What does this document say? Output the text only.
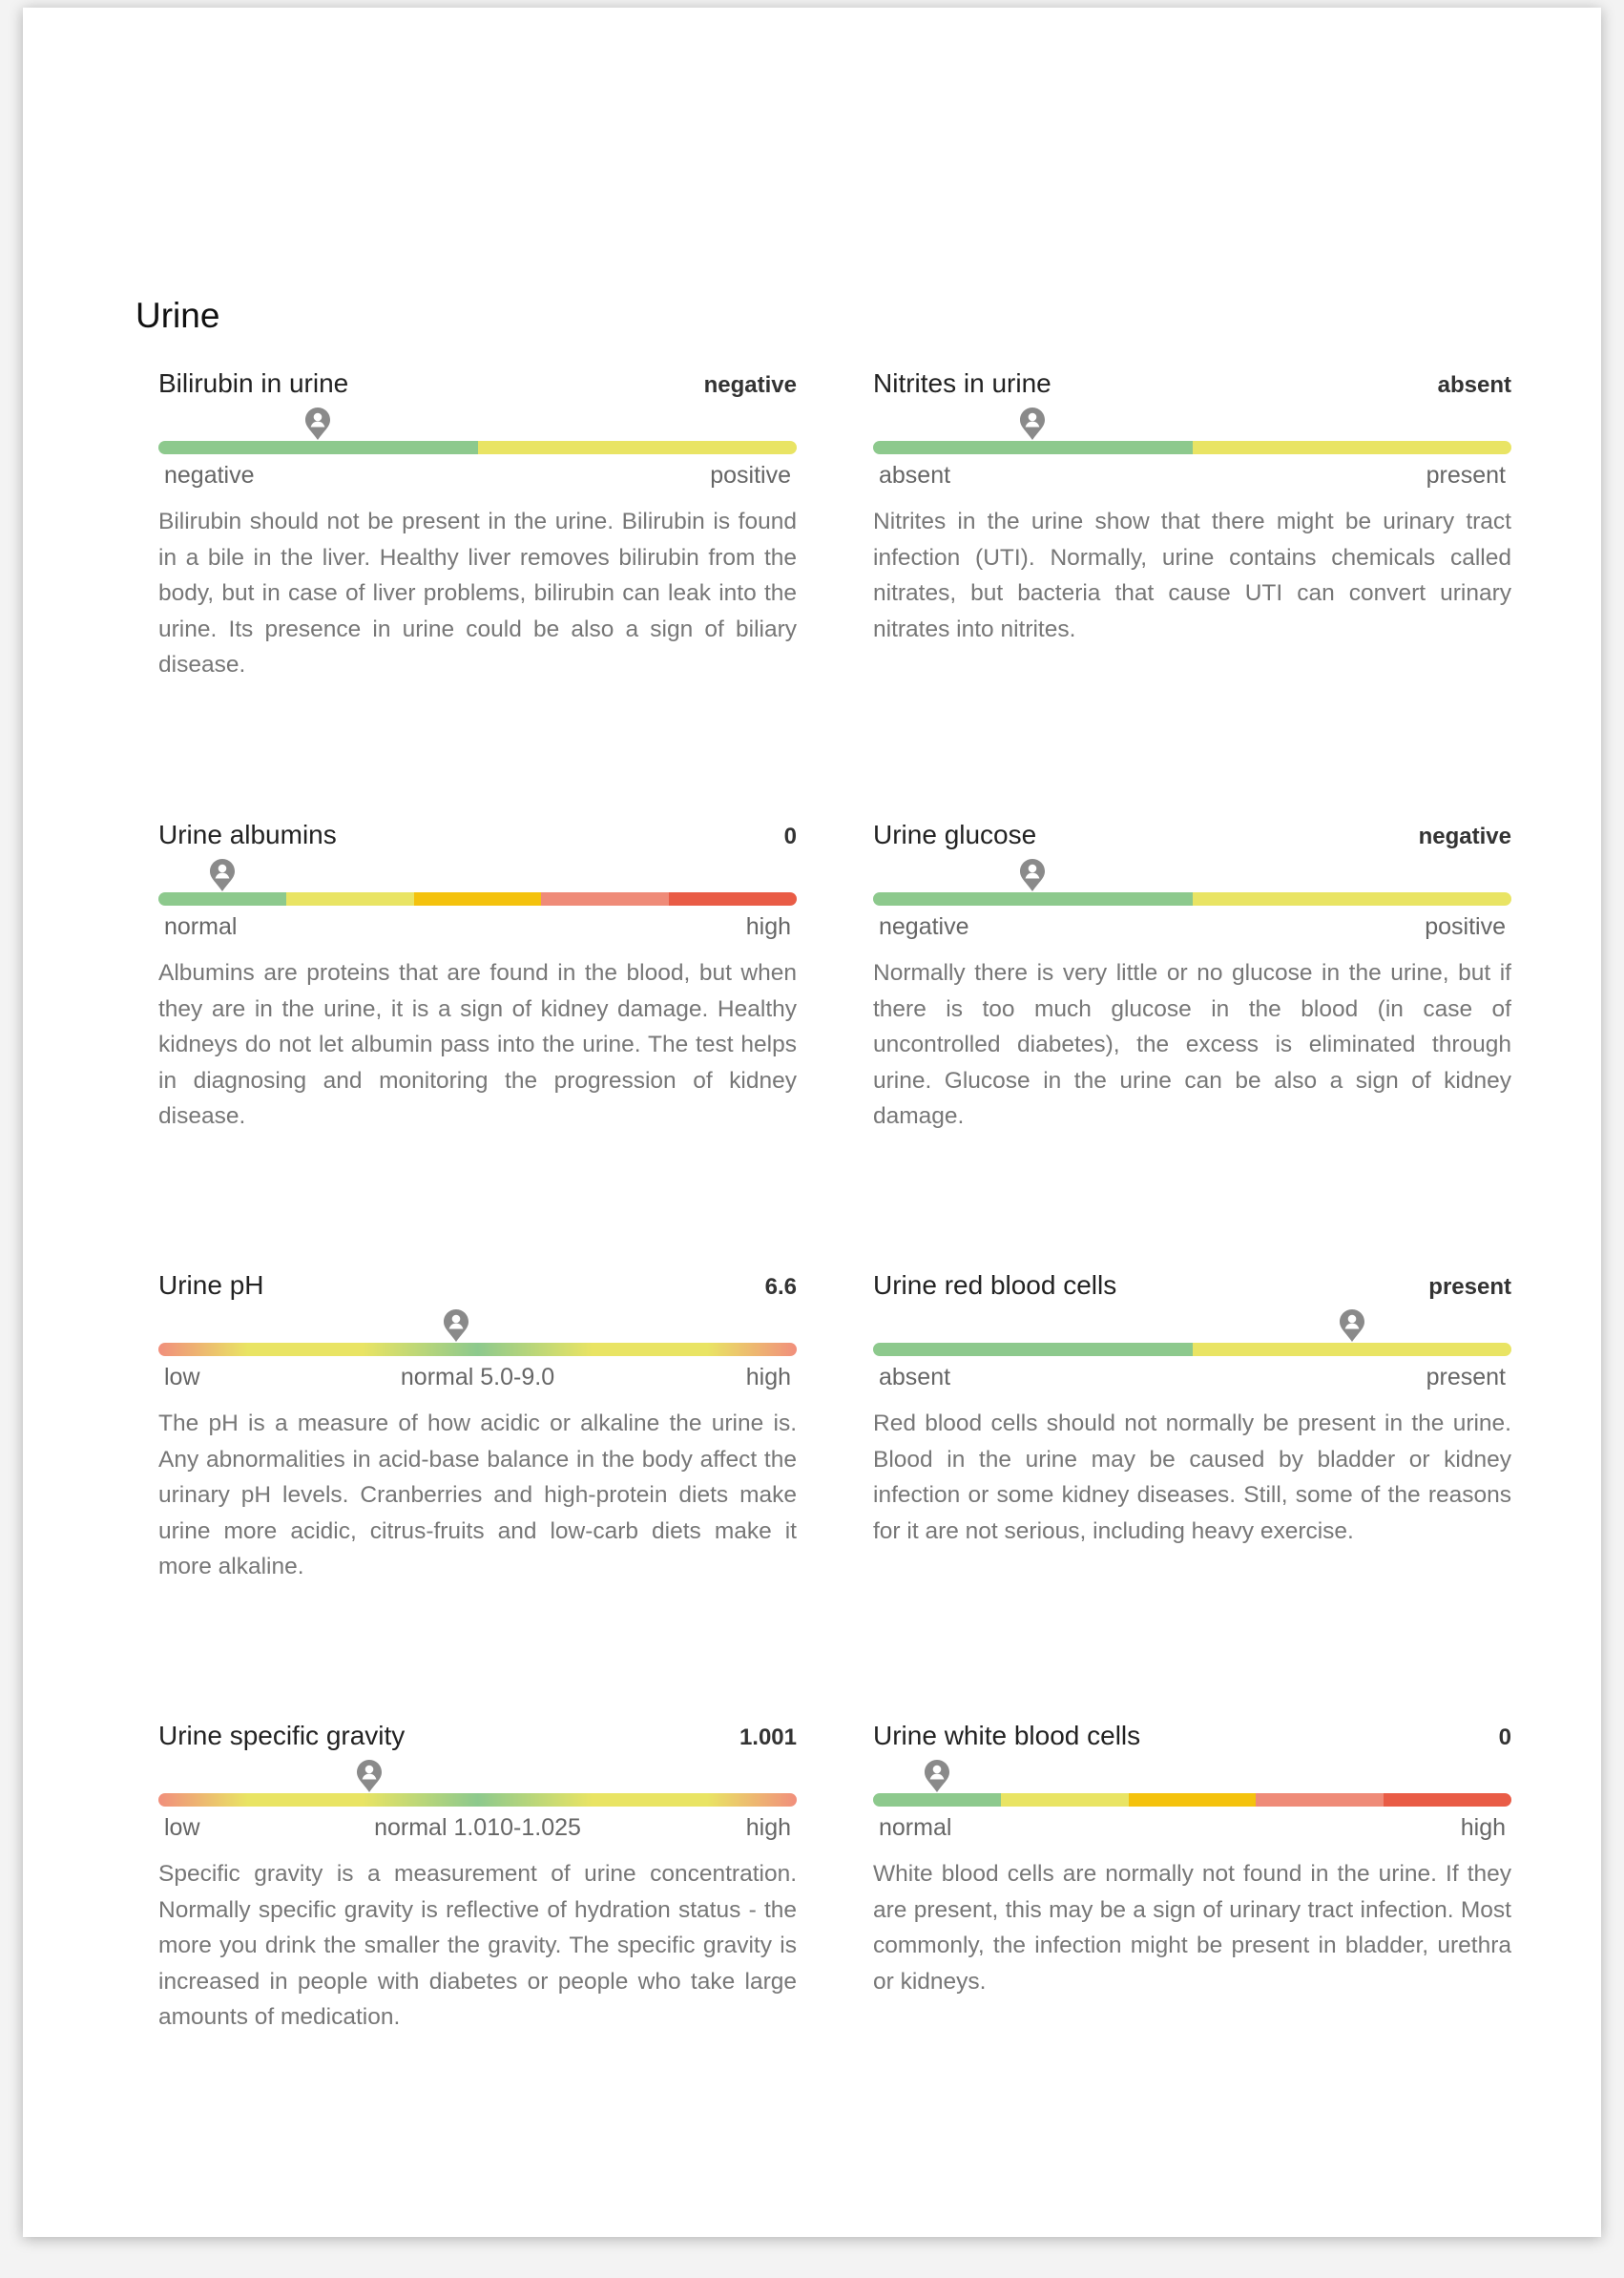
Urine
Bilirubin in urine	negative
negative	positive

Bilirubin should not be present in the urine. Bilirubin is found in a bile in the liver. Healthy liver removes bilirubin from the body, but in case of liver problems, bilirubin can leak into the urine. Its presence in urine could be also a sign of biliary disease.

Nitrites in urine	absent
absent	present

Nitrites in the urine show that there might be urinary tract infection (UTI). Normally, urine contains chemicals called nitrates, but bacteria that cause UTI can convert urinary nitrates into nitrites.

Urine albumins	0
normal	high

Albumins are proteins that are found in the blood, but when they are in the urine, it is a sign of kidney damage. Healthy kidneys do not let albumin pass into the urine. The test helps in diagnosing and monitoring the progression of kidney disease.

Urine glucose	negative
negative	positive

Normally there is very little or no glucose in the urine, but if there is too much glucose in the blood (in case of uncontrolled diabetes), the excess is eliminated through urine. Glucose in the urine can be also a sign of kidney damage.

Urine pH	6.6
low	normal 5.0-9.0	high

The pH is a measure of how acidic or alkaline the urine is. Any abnormalities in acid-base balance in the body affect the urinary pH levels. Cranberries and high-protein diets make urine more acidic, citrus-fruits and low-carb diets make it more alkaline.

Urine red blood cells	present
absent	present

Red blood cells should not normally be present in the urine. Blood in the urine may be caused by bladder or kidney infection or some kidney diseases. Still, some of the reasons for it are not serious, including heavy exercise.

Urine specific gravity	1.001
low	normal 1.010-1.025	high

Specific gravity is a measurement of urine concentration. Normally specific gravity is reflective of hydration status - the more you drink the smaller the gravity. The specific gravity is increased in people with diabetes or people who take large amounts of medication.

Urine white blood cells	0
normal	high

White blood cells are normally not found in the urine. If they are present, this may be a sign of urinary tract infection. Most commonly, the infection might be present in bladder, urethra or kidneys.
